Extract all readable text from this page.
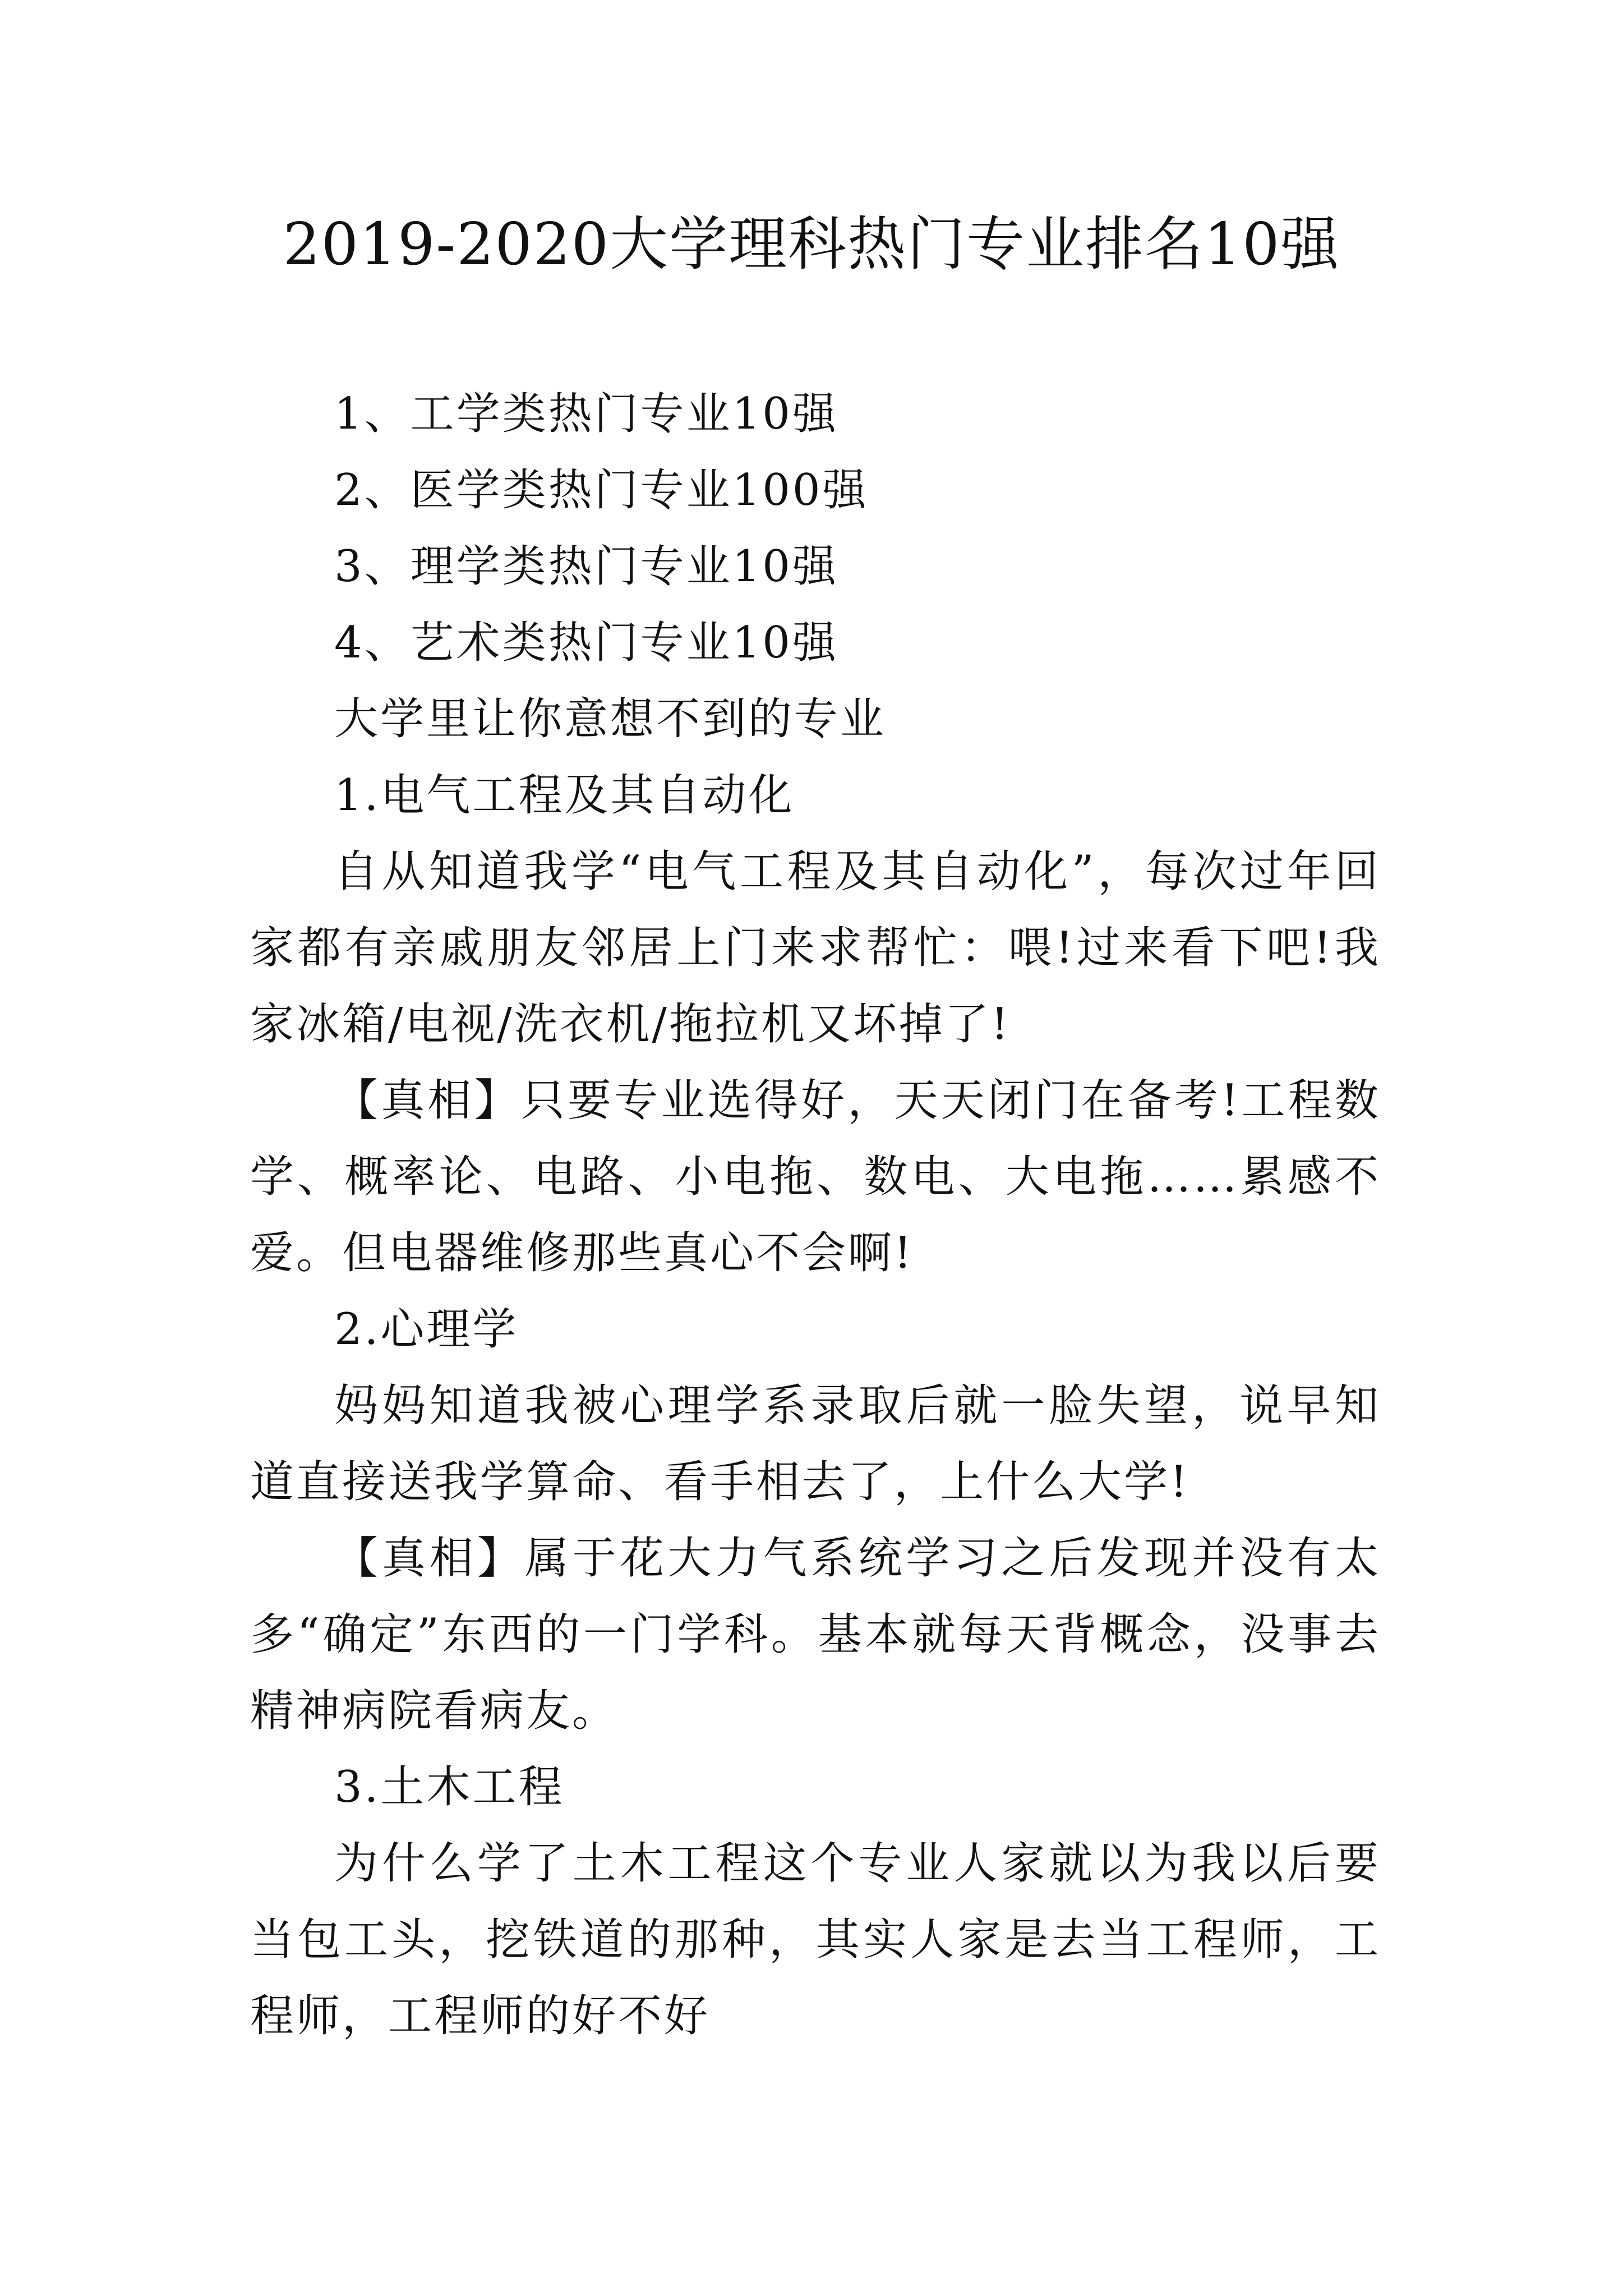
2019-2020大学理科热门专业排名10强

1、工学类热门专业10强

2、医学类热门专业100强

3、理学类热门专业10强

4、艺术类热门专业10强

大学里让你意想不到的专业

1.电气工程及其自动化

自从知道我学“电气工程及其自动化”，每次过年回家都有亲戚朋友邻居上门来求帮忙：喂!过来看下吧!我家冰箱/电视/洗衣机/拖拉机又坏掉了!

【真相】只要专业选得好，天天闭门在备考!工程数学、概率论、电路、小电拖、数电、大电拖……累感不爱。但电器维修那些真心不会啊!

2.心理学

妈妈知道我被心理学系录取后就一脸失望，说早知道直接送我学算命、看手相去了，上什么大学!

【真相】属于花大力气系统学习之后发现并没有太多“确定”东西的一门学科。基本就每天背概念，没事去精神病院看病友。

3.土木工程

为什么学了土木工程这个专业人家就以为我以后要当包工头，挖铁道的那种，其实人家是去当工程师，工程师，工程师的好不好
